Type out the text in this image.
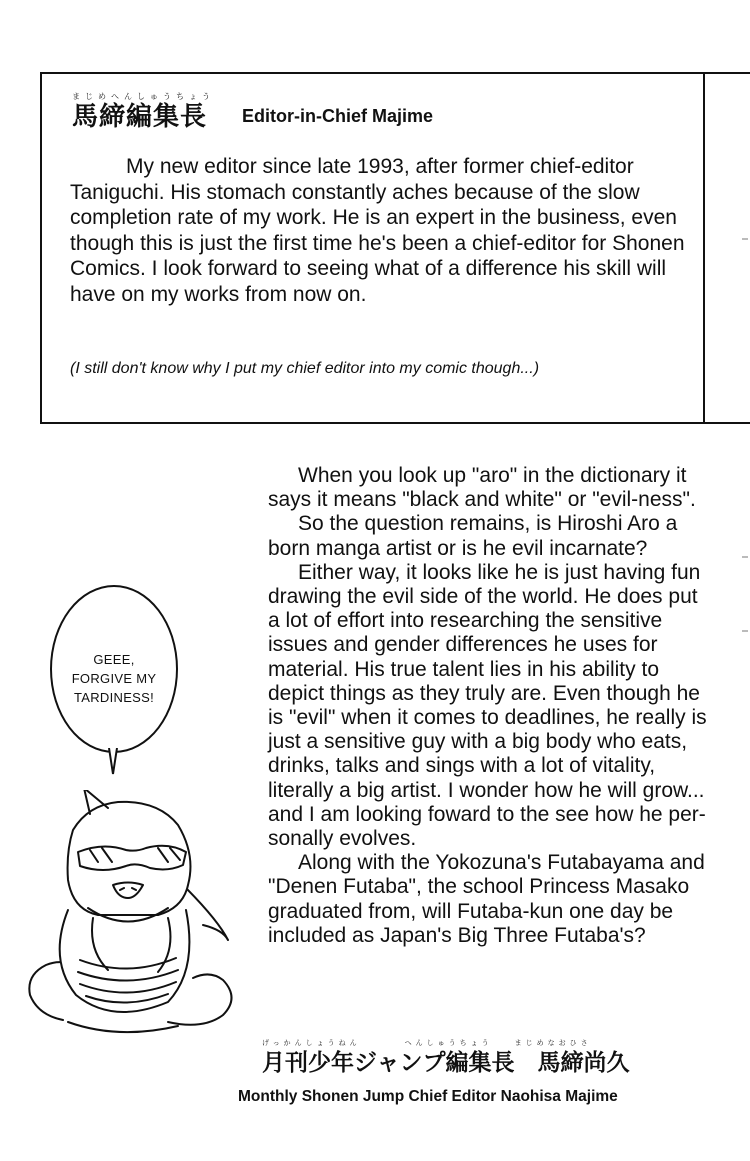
まじめへんしゅうちょう
馬締編集長	Editor-in-Chief Majime

My new editor since late 1993, after former chief-editor Taniguchi. His stomach constantly aches because of the slow completion rate of my work. He is an expert in the business, even though this is just the first time he's been a chief-editor for Shonen Comics. I look forward to seeing what of a difference his skill will have on my works from now on.

(I still don't know why I put my chief editor into my comic though...)

When you look up "aro" in the dictionary it says it means "black and white" or "evil-ness".

So the question remains, is Hiroshi Aro a born manga artist or is he evil incarnate?

Either way, it looks like he is just having fun drawing the evil side of the world. He does put a lot of effort into researching the sensitive issues and gender differences he uses for material. His true talent lies in his ability to depict things as they truly are. Even though he is "evil" when it comes to deadlines, he really is just a sensitive guy with a big body who eats, drinks, talks and sings with a lot of vitality, literally a big artist. I wonder how he will grow... and I am looking foward to the see how he per-sonally evolves.

Along with the Yokozuna's Futabayama and "Denen Futaba", the school Princess Masako graduated from, will Futaba-kun one day be included as Japan's Big Three Futaba's?

GEEE,
FORGIVE MY
TARDINESS!
げっかんしょうねん　　　　へんしゅうちょう　　まじめなおひさ
月刊少年ジャンプ編集長　馬締尚久
Monthly Shonen Jump Chief Editor Naohisa Majime
